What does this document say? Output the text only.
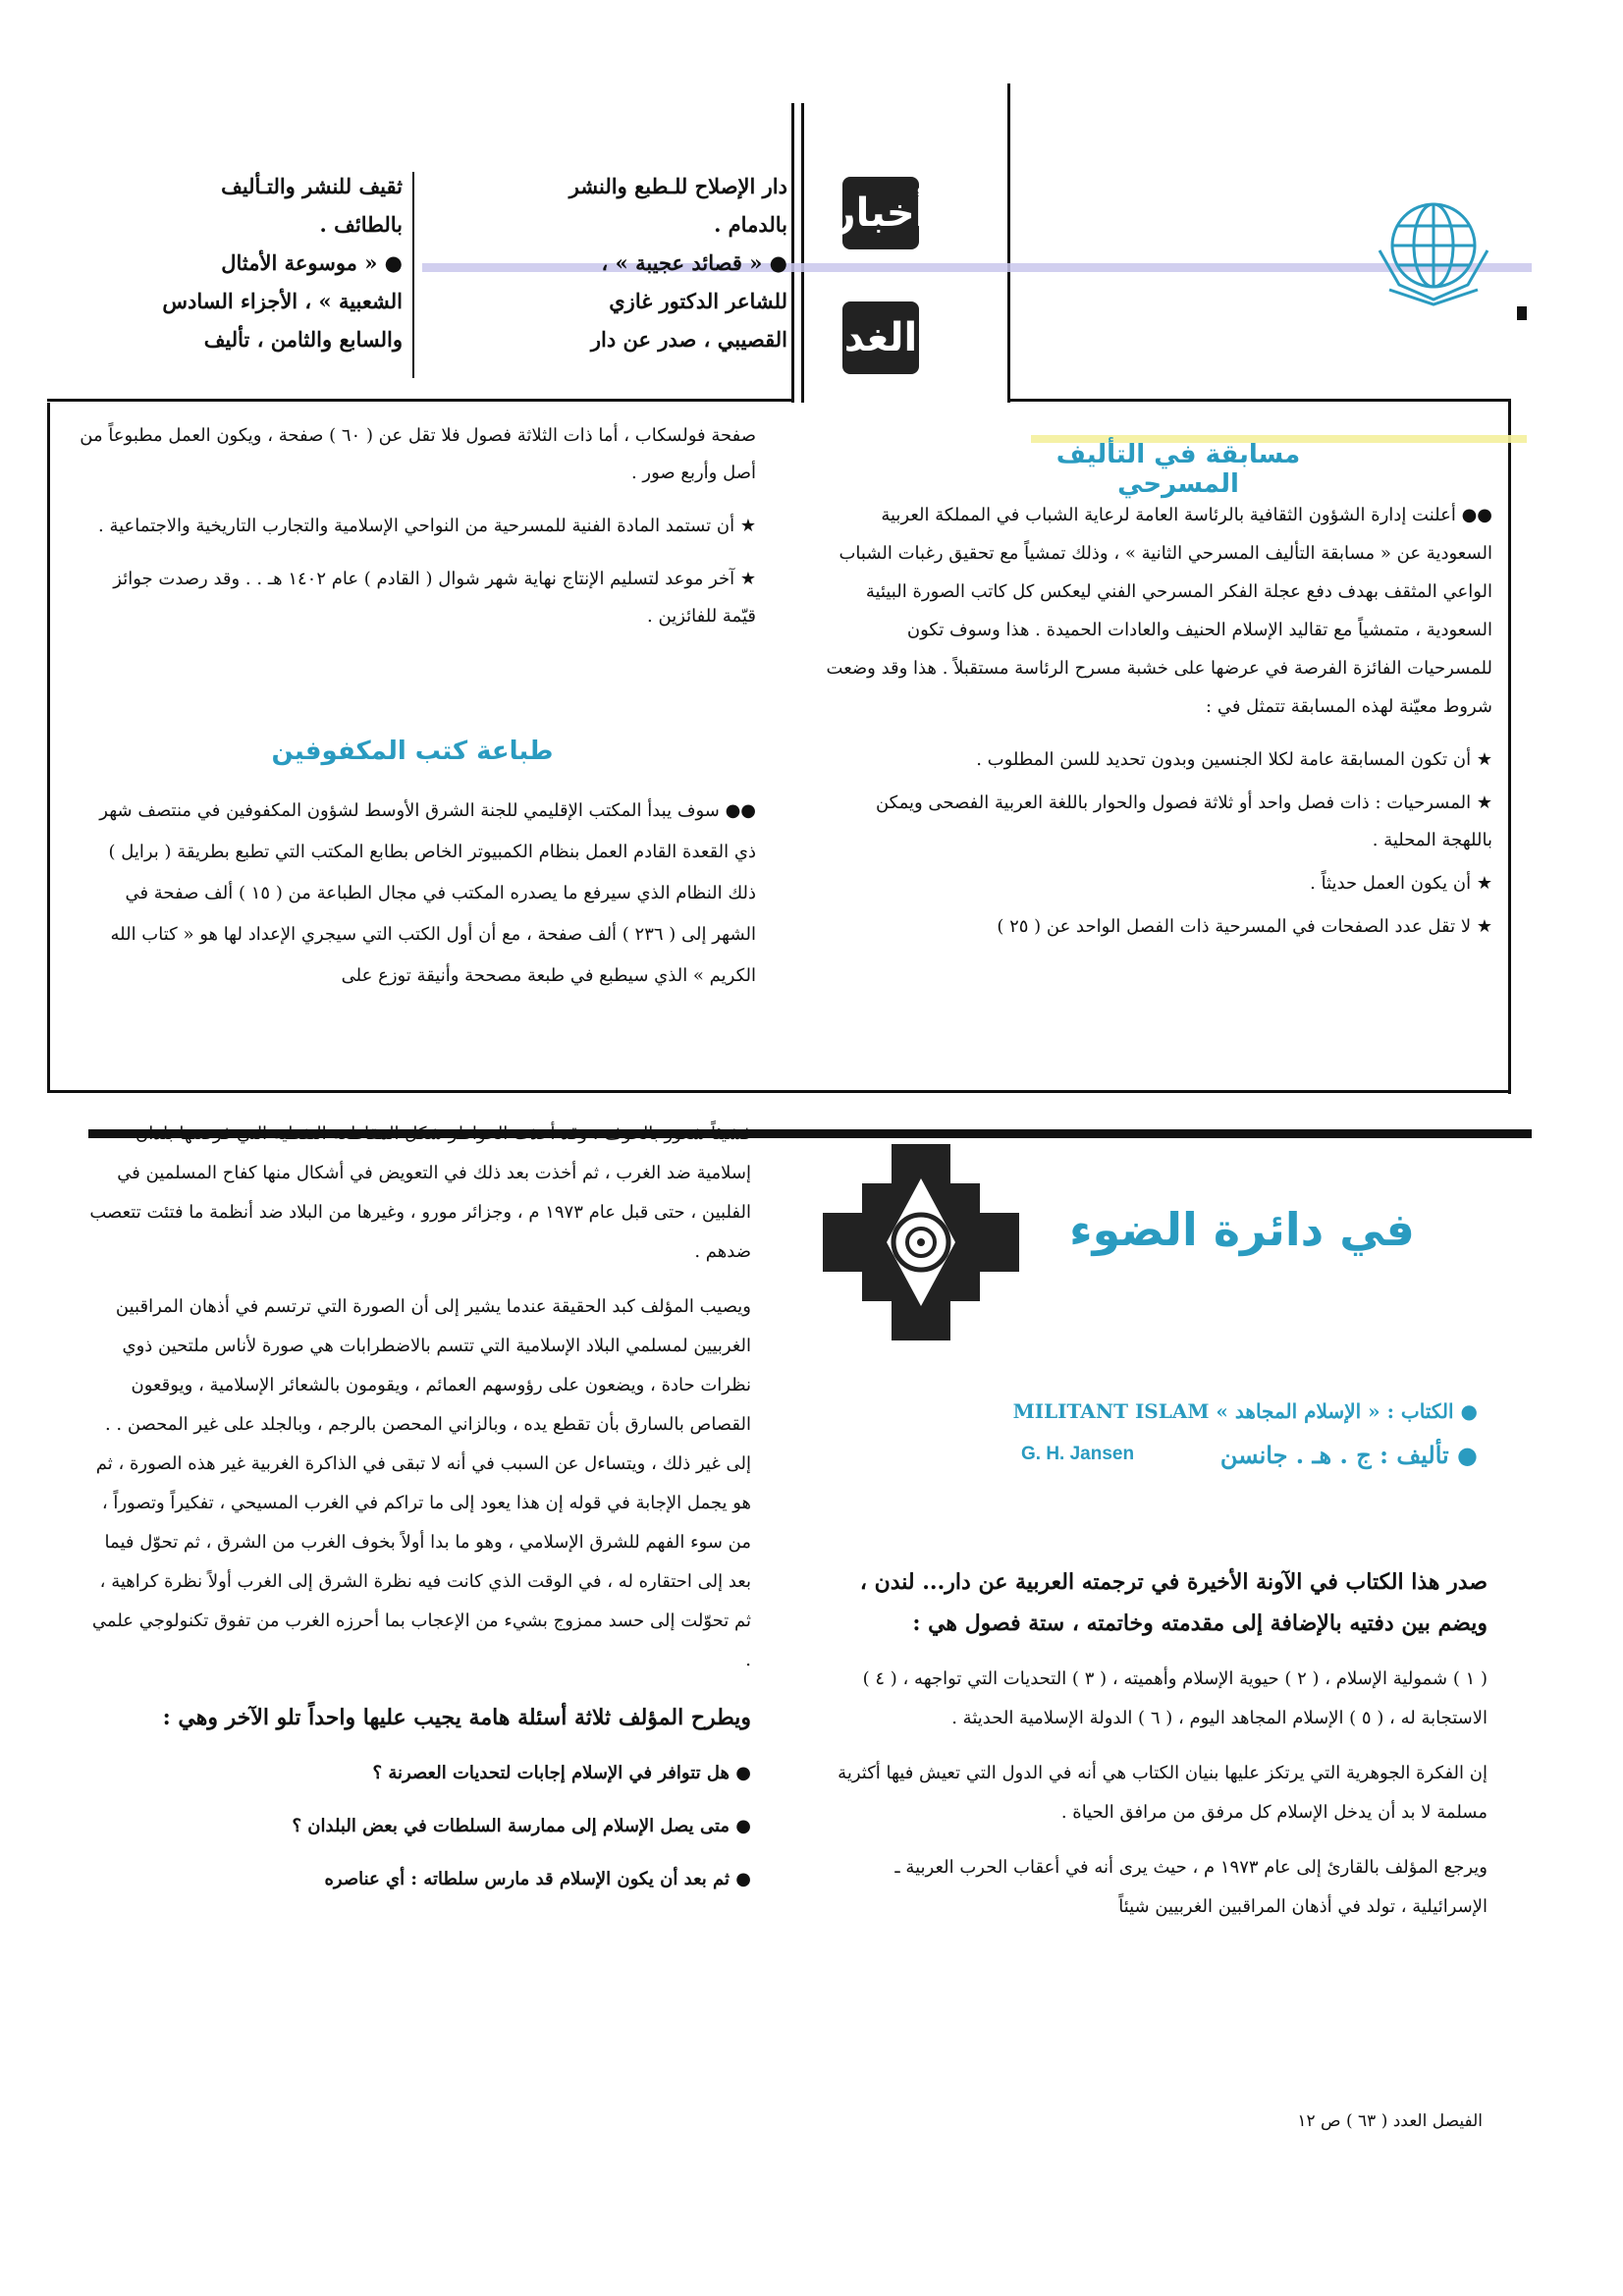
أخبار
الغد

دار الإصلاح للـطبع والنشر

بالدمام .

● « قصائد عجيبة » ،

للشاعر الدكتور غازي

القصيبي ، صدر عن دار

ثقيف للنشر والتـأليف

بالطائف .

● « موسوعة الأمثال

الشعبية » ، الأجزاء السادس

والسابع والثامن ، تأليف

مسابقة في التأليف المسرحي

●● أعلنت إدارة الشؤون الثقافية بالرئاسة العامة لرعاية الشباب في المملكة العربية السعودية عن « مسابقة التأليف المسرحي الثانية » ، وذلك تمشياً مع تحقيق رغبات الشباب الواعي المثقف بهدف دفع عجلة الفكر المسرحي الفني ليعكس كل كاتب الصورة البيئية السعودية ، متمشياً مع تقاليد الإسلام الحنيف والعادات الحميدة . هذا وسوف تكون للمسرحيات الفائزة الفرصة في عرضها على خشبة مسرح الرئاسة مستقبلاً . هذا وقد وضعت شروط معيّنة لهذه المسابقة تتمثل في :

★ أن تكون المسابقة عامة لكلا الجنسين وبدون تحديد للسن المطلوب .

★ المسرحيات : ذات فصل واحد أو ثلاثة فصول والحوار باللغة العربية الفصحى ويمكن باللهجة المحلية .

★ أن يكون العمل حديثاً .

★ لا تقل عدد الصفحات في المسرحية ذات الفصل الواحد عن ( ٢٥ )

صفحة فولسكاب ، أما ذات الثلاثة فصول فلا تقل عن ( ٦٠ ) صفحة ، ويكون العمل مطبوعاً من أصل وأربع صور .

★ أن تستمد المادة الفنية للمسرحية من النواحي الإسلامية والتجارب التاريخية والاجتماعية .

★ آخر موعد لتسليم الإنتاج نهاية شهر شوال ( القادم ) عام ١٤٠٢ هـ . . وقد رصدت جوائز قيّمة للفائزين .

طباعة كتب المكفوفين

●● سوف يبدأ المكتب الإقليمي للجنة الشرق الأوسط لشؤون المكفوفين في منتصف شهر ذي القعدة القادم العمل بنظام الكمبيوتر الخاص بطابع المكتب التي تطبع بطريقة ( برايل ) ذلك النظام الذي سيرفع ما يصدره المكتب في مجال الطباعة من ( ١٥ ) ألف صفحة في الشهر إلى ( ٢٣٦ ) ألف صفحة ، مع أن أول الكتب التي سيجري الإعداد لها هو « كتاب الله الكريم » الذي سيطبع في طبعة مصححة وأنيقة توزع على

في دائرة الضوء
● الكتاب : « الإسلام المجاهد » MILITANT ISLAM
G. H. Jansen	● تأليف : ج . هـ . جانسن

صدر هذا الكتاب في الآونة الأخيرة في ترجمته العربية عن دار... لندن ، ويضم بين دفتيه بالإضافة إلى مقدمته وخاتمته ، ستة فصول هي :

( ١ ) شمولية الإسلام ، ( ٢ ) حيوية الإسلام وأهميته ، ( ٣ ) التحديات التي تواجهه ، ( ٤ ) الاستجابة له ، ( ٥ ) الإسلام المجاهد اليوم ، ( ٦ ) الدولة الإسلامية الحديثة .

إن الفكرة الجوهرية التي يرتكز عليها بنيان الكتاب هي أنه في الدول التي تعيش فيها أكثرية مسلمة لا بد أن يدخل الإسلام كل مرفق من مرافق الحياة .

ويرجع المؤلف بالقارئ إلى عام ١٩٧٣ م ، حيث يرى أنه في أعقاب الحرب العربية ـ الإسرائيلية ، تولد في أذهان المراقبين الغربيين شيئاً

فشيئاً شعور بالخوف ، وقد أخذت الخواطر شكل المقاطعة النفطية التي فرضتها بلدان إسلامية ضد الغرب ، ثم أخذت بعد ذلك في التعويض في أشكال منها كفاح المسلمين في الفلبين ، حتى قبل عام ١٩٧٣ م ، وجزائر مورو ، وغيرها من البلاد ضد أنظمة ما فتئت تتعصب ضدهم .

ويصيب المؤلف كبد الحقيقة عندما يشير إلى أن الصورة التي ترتسم في أذهان المراقبين الغربيين لمسلمي البلاد الإسلامية التي تتسم بالاضطرابات هي صورة لأناس ملتحين ذوي نظرات حادة ، ويضعون على رؤوسهم العمائم ، ويقومون بالشعائر الإسلامية ، ويوقعون القصاص بالسارق بأن تقطع يده ، وبالزاني المحصن بالرجم ، وبالجلد على غير المحصن . . إلى غير ذلك ، ويتساءل عن السبب في أنه لا تبقى في الذاكرة الغربية غير هذه الصورة ، ثم هو يجمل الإجابة في قوله إن هذا يعود إلى ما تراكم في الغرب المسيحي ، تفكيراً وتصوراً ، من سوء الفهم للشرق الإسلامي ، وهو ما بدا أولاً بخوف الغرب من الشرق ، ثم تحوّل فيما بعد إلى احتقاره له ، في الوقت الذي كانت فيه نظرة الشرق إلى الغرب أولاً نظرة كراهية ، ثم تحوّلت إلى حسد ممزوج بشيء من الإعجاب بما أحرزه الغرب من تفوق تكنولوجي علمي .

ويطرح المؤلف ثلاثة أسئلة هامة يجيب عليها واحداً تلو الآخر وهي :

● هل تتوافر في الإسلام إجابات لتحديات العصرنة ؟

● متى يصل الإسلام إلى ممارسة السلطات في بعض البلدان ؟

● ثم بعد أن يكون الإسلام قد مارس سلطاته : أي عناصره

الفيصل العدد ( ٦٣ ) ص ١٢
